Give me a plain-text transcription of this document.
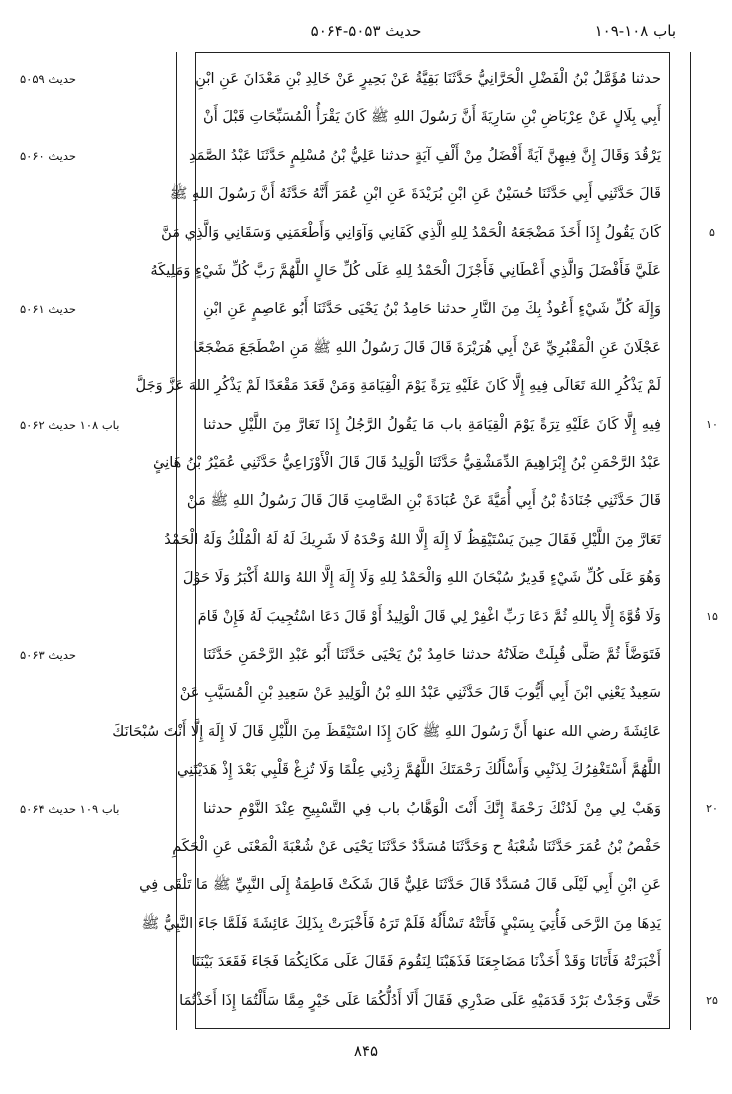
باب ۱۰۸-۱۰۹
حدیث ۵۰۵۳-۵۰۶۴
حدثنا مُؤَمَّلُ بْنُ الْفَضْلِ الْحَرَّانِيُّ حَدَّثَنَا بَقِيَّةُ عَنْ بَحِيرٍ عَنْ خَالِدِ بْنِ مَعْدَانَ عَنِ ابْنِ
أَبِي بِلَالٍ عَنْ عِرْبَاضِ بْنِ سَارِيَةَ أَنَّ رَسُولَ اللهِ ﷺ كَانَ يَقْرَأُ الْمُسَبِّحَاتِ قَبْلَ أَنْ
يَرْقُدَ وَقَالَ إِنَّ فِيهِنَّ آيَةً أَفْضَلُ مِنْ أَلْفِ آيَةٍ حدثنا عَلِيُّ بْنُ مُسْلِمٍ حَدَّثَنَا عَبْدُ الصَّمَدِ
قَالَ حَدَّثَنِي أَبِي حَدَّثَنَا حُسَيْنٌ عَنِ ابْنِ بُرَيْدَةَ عَنِ ابْنِ عُمَرَ أَنَّهُ حَدَّثَهُ أَنَّ رَسُولَ اللهِ ﷺ
كَانَ يَقُولُ إِذَا أَخَذَ مَضْجَعَهُ الْحَمْدُ لِلهِ الَّذِي كَفَانِي وَآوَانِي وَأَطْعَمَنِي وَسَقَانِي وَالَّذِي مَنَّ
عَلَيَّ فَأَفْضَلَ وَالَّذِي أَعْطَانِي فَأَجْزَلَ الْحَمْدُ لِلهِ عَلَى كُلِّ حَالٍ اللَّهُمَّ رَبَّ كُلِّ شَيْءٍ وَمَلِيكَهُ
وَإِلَهَ كُلِّ شَيْءٍ أَعُوذُ بِكَ مِنَ النَّارِ حدثنا حَامِدُ بْنُ يَحْيَى حَدَّثَنَا أَبُو عَاصِمٍ عَنِ ابْنِ
عَجْلَانَ عَنِ الْمَقْبُرِيِّ عَنْ أَبِي هُرَيْرَةَ قَالَ قَالَ رَسُولُ اللهِ ﷺ مَنِ اضْطَجَعَ مَضْجَعًا
لَمْ يَذْكُرِ اللهَ تَعَالَى فِيهِ إِلَّا كَانَ عَلَيْهِ تِرَةً يَوْمَ الْقِيَامَةِ وَمَنْ قَعَدَ مَقْعَدًا لَمْ يَذْكُرِ اللهَ عَزَّ وَجَلَّ
فِيهِ إِلَّا كَانَ عَلَيْهِ تِرَةً يَوْمَ الْقِيَامَةِ باب مَا يَقُولُ الرَّجُلُ إِذَا تَعَارَّ مِنَ اللَّيْلِ حدثنا
عَبْدُ الرَّحْمَنِ بْنُ إِبْرَاهِيمَ الدِّمَشْقِيُّ حَدَّثَنَا الْوَلِيدُ قَالَ قَالَ الْأَوْزَاعِيُّ حَدَّثَنِي عُمَيْرُ بْنُ هَانِئٍ
قَالَ حَدَّثَنِي جُنَادَةُ بْنُ أَبِي أُمَيَّةَ عَنْ عُبَادَةَ بْنِ الصَّامِتِ قَالَ قَالَ رَسُولُ اللهِ ﷺ مَنْ
تَعَارَّ مِنَ اللَّيْلِ فَقَالَ حِينَ يَسْتَيْقِظُ لَا إِلَهَ إِلَّا اللهُ وَحْدَهُ لَا شَرِيكَ لَهُ لَهُ الْمُلْكُ وَلَهُ الْحَمْدُ
وَهُوَ عَلَى كُلِّ شَيْءٍ قَدِيرٌ سُبْحَانَ اللهِ وَالْحَمْدُ لِلهِ وَلَا إِلَهَ إِلَّا اللهُ وَاللهُ أَكْبَرُ وَلَا حَوْلَ
وَلَا قُوَّةَ إِلَّا بِاللهِ ثُمَّ دَعَا رَبِّ اغْفِرْ لِي قَالَ الْوَلِيدُ أَوْ قَالَ دَعَا اسْتُجِيبَ لَهُ فَإِنْ قَامَ
فَتَوَضَّأَ ثُمَّ صَلَّى قُبِلَتْ صَلَاتُهُ حدثنا حَامِدُ بْنُ يَحْيَى حَدَّثَنَا أَبُو عَبْدِ الرَّحْمَنِ حَدَّثَنَا
سَعِيدٌ يَعْنِي ابْنَ أَبِي أَيُّوبَ قَالَ حَدَّثَنِي عَبْدُ اللهِ بْنُ الْوَلِيدِ عَنْ سَعِيدِ بْنِ الْمُسَيَّبِ عَنْ
عَائِشَةَ رضي الله عنها أَنَّ رَسُولَ اللهِ ﷺ كَانَ إِذَا اسْتَيْقَظَ مِنَ اللَّيْلِ قَالَ لَا إِلَهَ إِلَّا أَنْتَ سُبْحَانَكَ
اللَّهُمَّ أَسْتَغْفِرُكَ لِذَنْبِي وَأَسْأَلُكَ رَحْمَتَكَ اللَّهُمَّ زِدْنِي عِلْمًا وَلَا تُزِغْ قَلْبِي بَعْدَ إِذْ هَدَيْتَنِي
وَهَبْ لِي مِنْ لَدُنْكَ رَحْمَةً إِنَّكَ أَنْتَ الْوَهَّابُ باب فِي التَّسْبِيحِ عِنْدَ النَّوْمِ حدثنا
حَفْصُ بْنُ عُمَرَ حَدَّثَنَا شُعْبَةُ ح وَحَدَّثَنَا مُسَدَّدٌ حَدَّثَنَا يَحْيَى عَنْ شُعْبَةَ الْمَعْنَى عَنِ الْحَكَمِ
عَنِ ابْنِ أَبِي لَيْلَى قَالَ مُسَدَّدٌ قَالَ حَدَّثَنَا عَلِيٌّ قَالَ شَكَتْ فَاطِمَةُ إِلَى النَّبِيِّ ﷺ مَا تَلْقَى فِي
يَدِهَا مِنَ الرَّحَى فَأُتِيَ بِسَبْيٍ فَأَتَتْهُ تَسْأَلُهُ فَلَمْ تَرَهُ فَأَخْبَرَتْ بِذَلِكَ عَائِشَةَ فَلَمَّا جَاءَ النَّبِيُّ ﷺ
أَخْبَرَتْهُ فَأَتَانَا وَقَدْ أَخَذْنَا مَضَاجِعَنَا فَذَهَبْنَا لِنَقُومَ فَقَالَ عَلَى مَكَانِكُمَا فَجَاءَ فَقَعَدَ بَيْنَنَا
حَتَّى وَجَدْتُ بَرْدَ قَدَمَيْهِ عَلَى صَدْرِي فَقَالَ أَلَا أَدُلُّكُمَا عَلَى خَيْرٍ مِمَّا سَأَلْتُمَا إِذَا أَخَذْتُمَا
حدیث ۵۰۵۹
حدیث ۵۰۶۰
حدیث ۵۰۶۱
باب ۱۰۸ حدیث ۵۰۶۲
حدیث ۵۰۶۳
باب ۱۰۹ حدیث ۵۰۶۴
۵
۱۰
۱۵
۲۰
۲۵
۸۴۵
